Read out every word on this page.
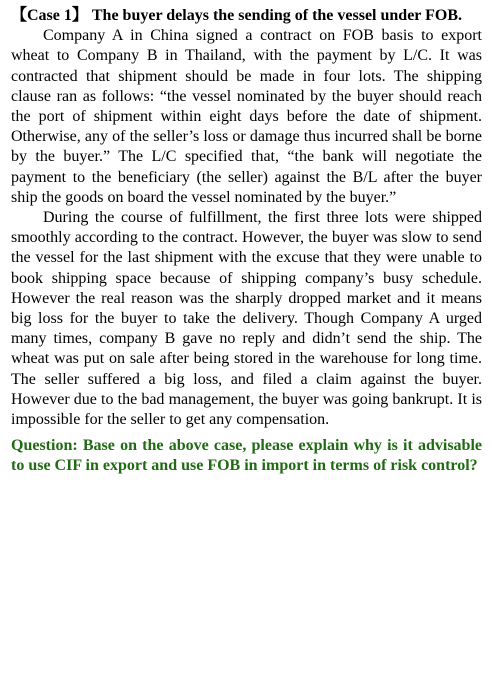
【Case 1】 The buyer delays the sending of the vessel under FOB.

Company A in China signed a contract on FOB basis to export wheat to Company B in Thailand, with the payment by L/C. It was contracted that shipment should be made in four lots. The shipping clause ran as follows: “the vessel nominated by the buyer should reach the port of shipment within eight days before the date of shipment. Otherwise, any of the seller’s loss or damage thus incurred shall be borne by the buyer.” The L/C specified that, “the bank will negotiate the payment to the beneficiary (the seller) against the B/L after the buyer ship the goods on board the vessel nominated by the buyer.”

During the course of fulfillment, the first three lots were shipped smoothly according to the contract. However, the buyer was slow to send the vessel for the last shipment with the excuse that they were unable to book shipping space because of shipping company’s busy schedule. However the real reason was the sharply dropped market and it means big loss for the buyer to take the delivery. Though Company A urged many times, company B gave no reply and didn’t send the ship. The wheat was put on sale after being stored in the warehouse for long time. The seller suffered a big loss, and filed a claim against the buyer. However due to the bad management, the buyer was going bankrupt. It is impossible for the seller to get any compensation.

Question: Base on the above case, please explain why is it advisable to use CIF in export and use FOB in import in terms of risk control?
